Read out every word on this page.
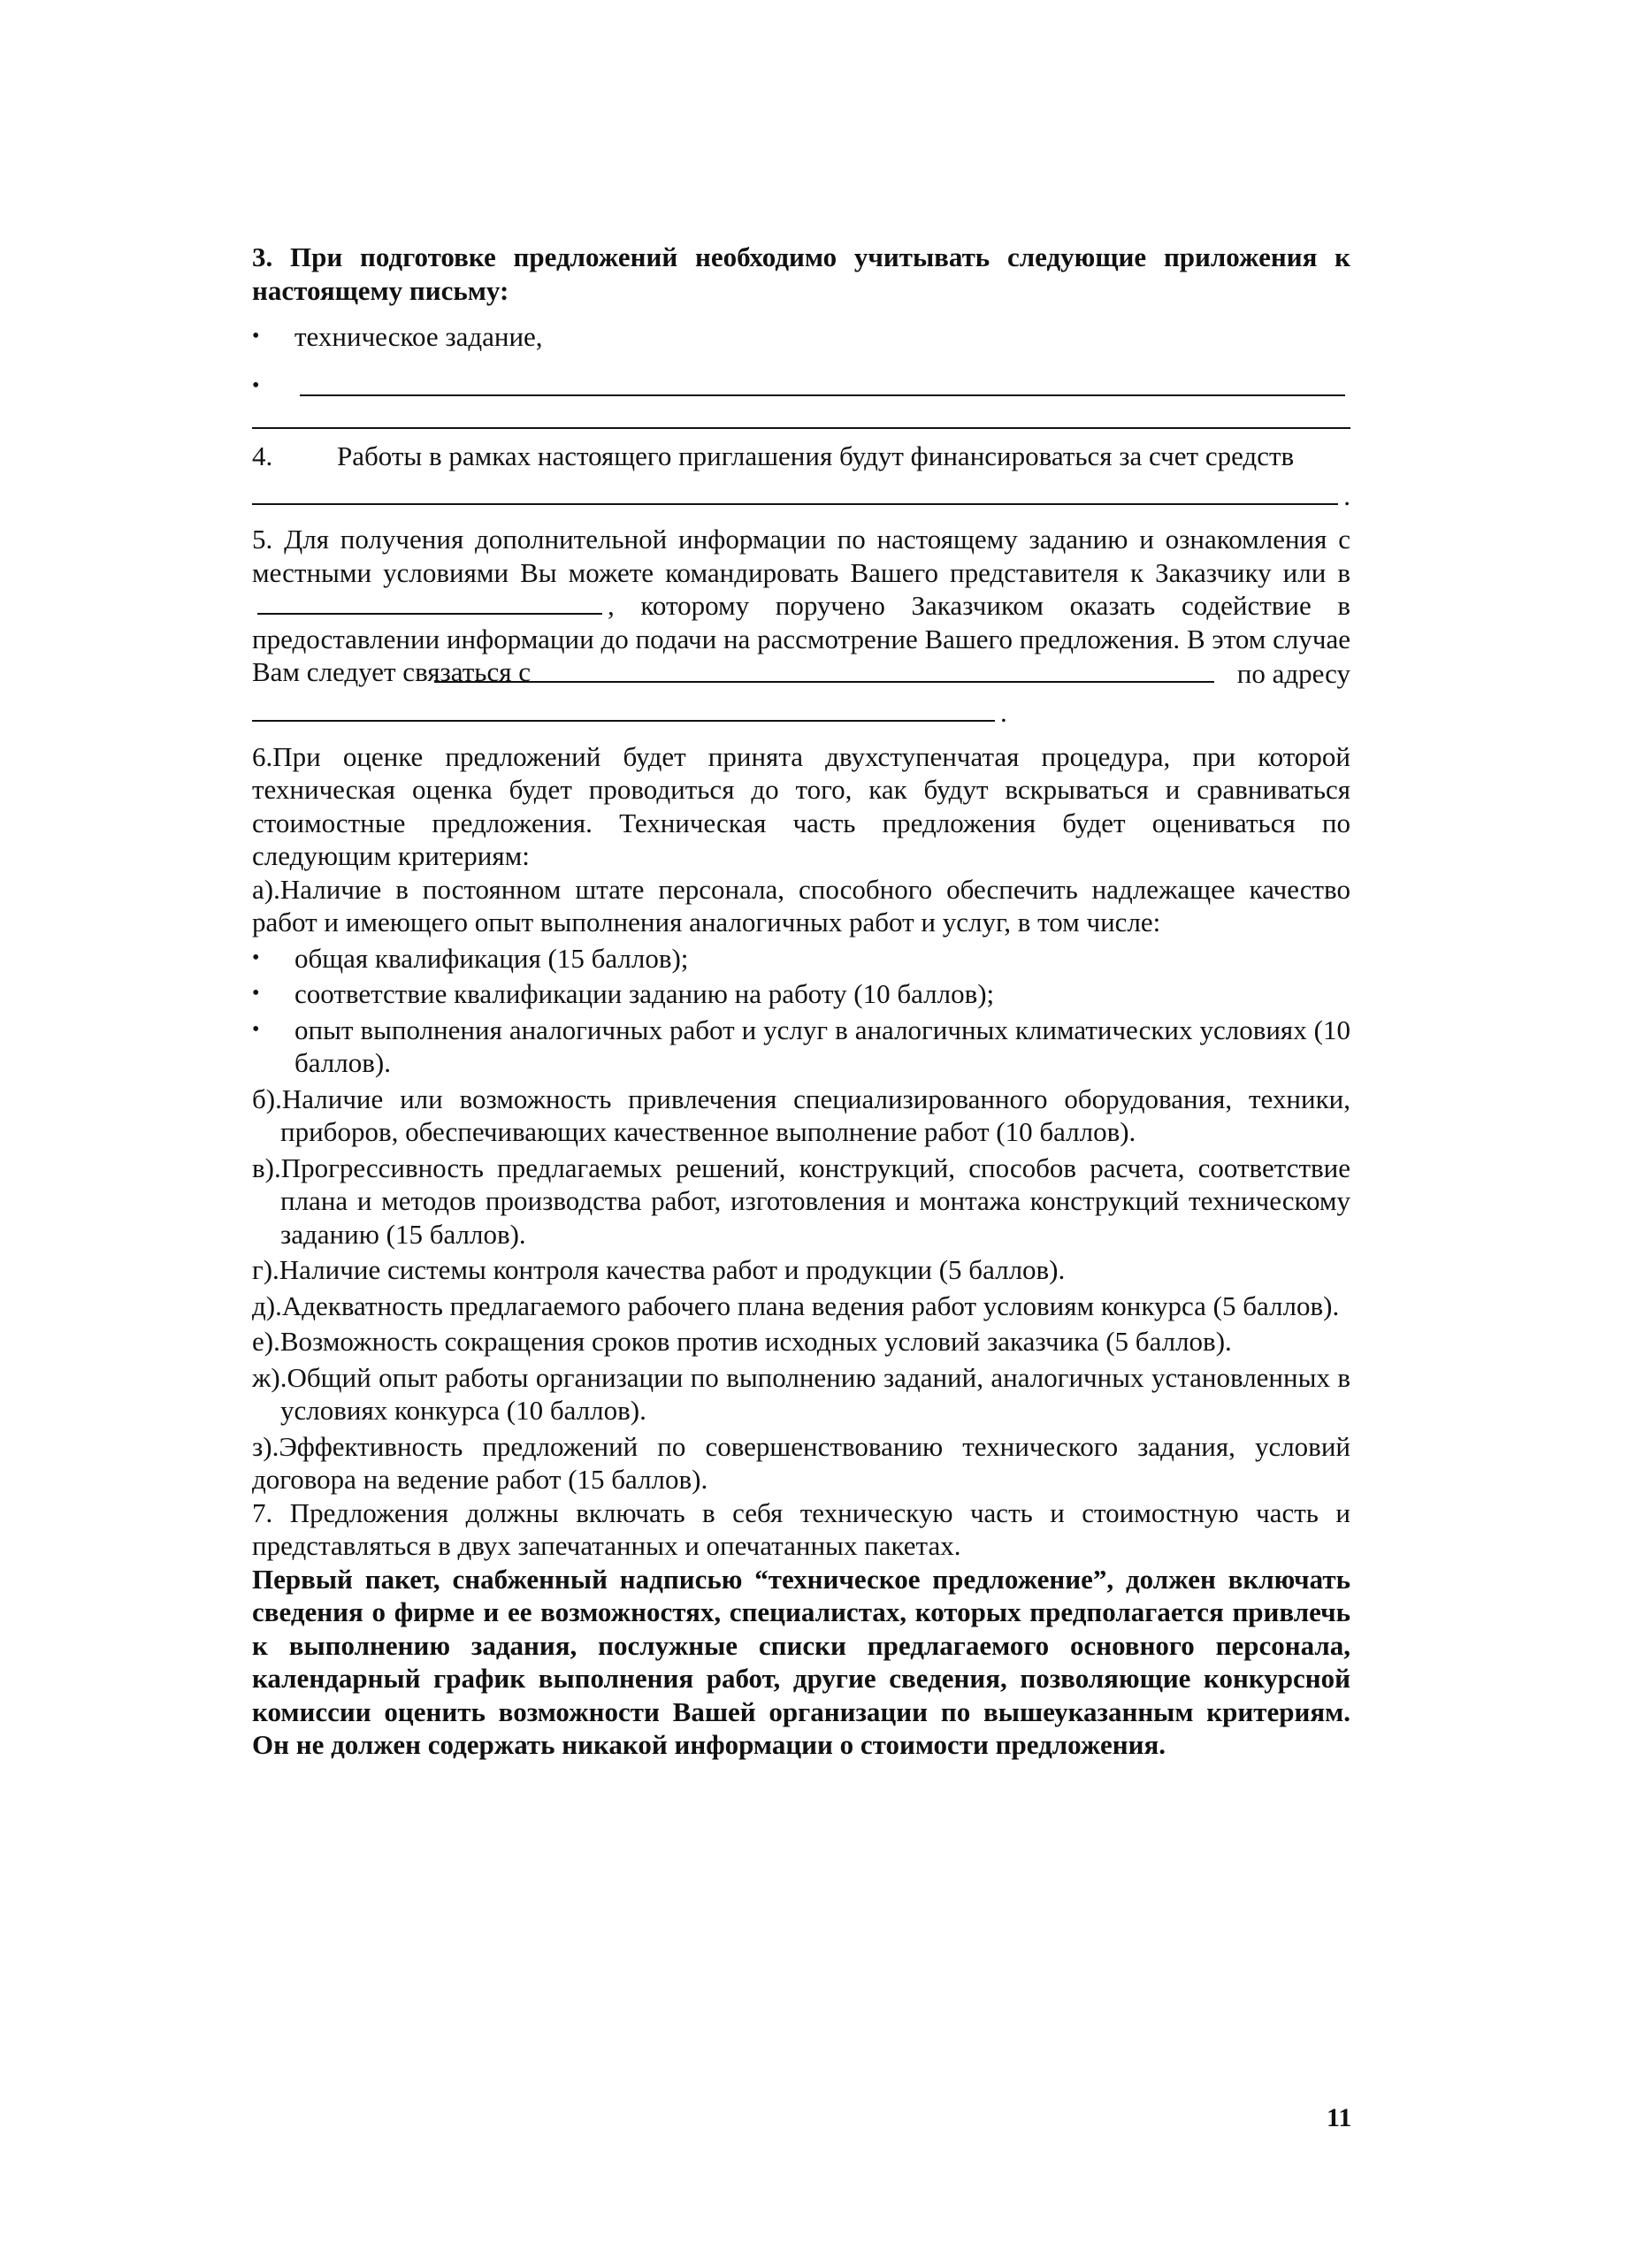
3. При подготовке предложений необходимо учитывать следующие приложения к настоящему письму:

•	техническое задание,
•

4. Работы в рамках настоящего приглашения будут финансироваться за счет средств

.

5. Для получения дополнительной информации по настоящему заданию и ознакомления с местными условиями Вы можете командировать Вашего представителя к Заказчику или в , которому поручено Заказчиком оказать содействие в предоставлении информации до подачи на рассмотрение Вашего предложения. В этом случае Вам следует связаться с	по адресу
.

6.При оценке предложений будет принята двухступенчатая процедура, при которой техническая оценка будет проводиться до того, как будут вскрываться и сравниваться стоимостные предложения. Техническая часть предложения будет оцениваться по следующим критериям:

а).Наличие в постоянном штате персонала, способного обеспечить надлежащее качество работ и имеющего опыт выполнения аналогичных работ и услуг, в том числе:

•	общая квалификация (15 баллов);
•	соответствие квалификации заданию на работу (10 баллов);
•	опыт выполнения аналогичных работ и услуг в аналогичных климатических условиях (10 баллов).

б).Наличие или возможность привлечения специализированного оборудования, техники, приборов, обеспечивающих качественное выполнение работ (10 баллов).

в).Прогрессивность предлагаемых решений, конструкций, способов расчета, соответствие плана и методов производства работ, изготовления и монтажа конструкций техническому заданию (15 баллов).

г).Наличие системы контроля качества работ и продукции (5 баллов).

д).Адекватность предлагаемого рабочего плана ведения работ условиям конкурса (5 баллов).

е).Возможность сокращения сроков против исходных условий заказчика (5 баллов).

ж).Общий опыт работы организации по выполнению заданий, аналогичных установленных в условиях конкурса (10 баллов).

з).Эффективность предложений по совершенствованию технического задания, условий договора на ведение работ (15 баллов).

7. Предложения должны включать в себя техническую часть и стоимостную часть и представляться в двух запечатанных и опечатанных пакетах.

Первый пакет, снабженный надписью “техническое предложение”, должен включать сведения о фирме и ее возможностях, специалистах, которых предполагается привлечь к выполнению задания, послужные списки предлагаемого основного персонала, календарный график выполнения работ, другие сведения, позволяющие конкурсной комиссии оценить возможности Вашей организации по вышеуказанным критериям. Он не должен содержать никакой информации о стоимости предложения.

11
